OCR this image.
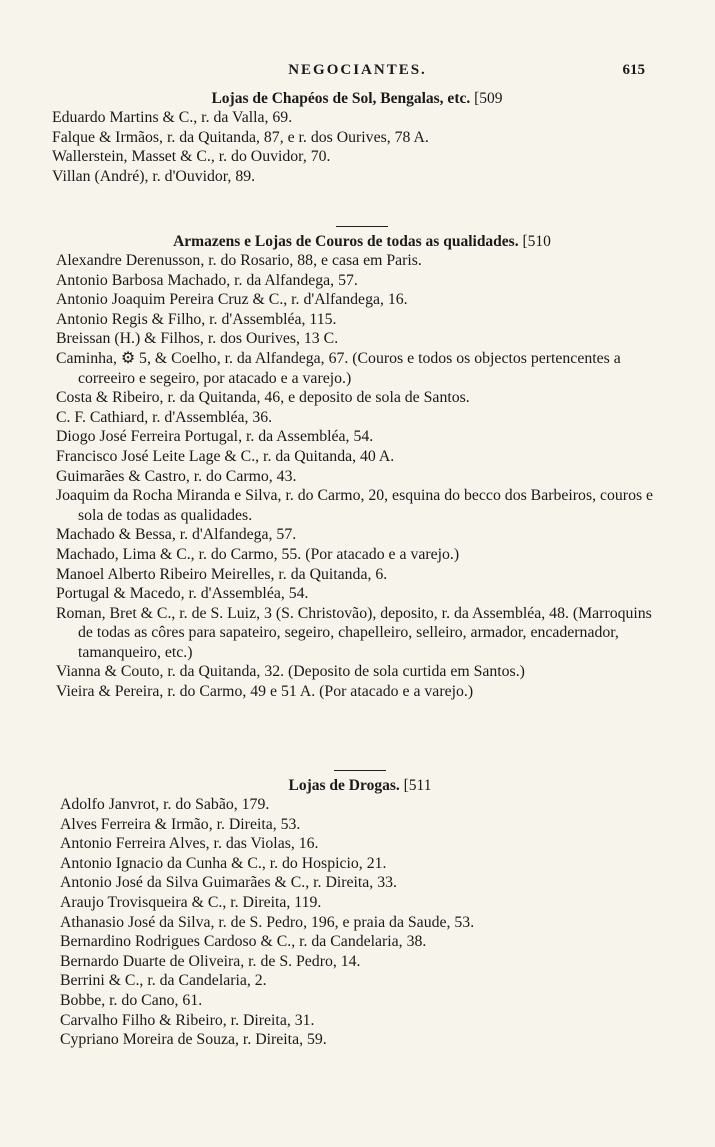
NEGOCIANTES.	615

Lojas de Chapéos de Sol, Bengalas, etc. [509

Eduardo Martins & C., r. da Valla, 69.

Falque & Irmãos, r. da Quitanda, 87, e r. dos Ourives, 78 A.

Wallerstein, Masset & C., r. do Ouvidor, 70.

Villan (André), r. d'Ouvidor, 89.

Armazens e Lojas de Couros de todas as qualidades. [510

Alexandre Derenusson, r. do Rosario, 88, e casa em Paris.

Antonio Barbosa Machado, r. da Alfandega, 57.

Antonio Joaquim Pereira Cruz & C., r. d'Alfandega, 16.

Antonio Regis & Filho, r. d'Assembléa, 115.

Breissan (H.) & Filhos, r. dos Ourives, 13 C.

Caminha, ⚙ 5, & Coelho, r. da Alfandega, 67. (Couros e todos os objectos pertencentes a correeiro e segeiro, por atacado e a varejo.)

Costa & Ribeiro, r. da Quitanda, 46, e deposito de sola de Santos.

C. F. Cathiard, r. d'Assembléa, 36.

Diogo José Ferreira Portugal, r. da Assembléa, 54.

Francisco José Leite Lage & C., r. da Quitanda, 40 A.

Guimarães & Castro, r. do Carmo, 43.

Joaquim da Rocha Miranda e Silva, r. do Carmo, 20, esquina do becco dos Barbeiros, couros e sola de todas as qualidades.

Machado & Bessa, r. d'Alfandega, 57.

Machado, Lima & C., r. do Carmo, 55. (Por atacado e a varejo.)

Manoel Alberto Ribeiro Meirelles, r. da Quitanda, 6.

Portugal & Macedo, r. d'Assembléa, 54.

Roman, Bret & C., r. de S. Luiz, 3 (S. Christovão), deposito, r. da Assembléa, 48. (Marroquins de todas as côres para sapateiro, segeiro, chapelleiro, selleiro, armador, encadernador, tamanqueiro, etc.)

Vianna & Couto, r. da Quitanda, 32. (Deposito de sola curtida em Santos.)

Vieira & Pereira, r. do Carmo, 49 e 51 A. (Por atacado e a varejo.)

Lojas de Drogas. [511

Adolfo Janvrot, r. do Sabão, 179.

Alves Ferreira & Irmão, r. Direita, 53.

Antonio Ferreira Alves, r. das Violas, 16.

Antonio Ignacio da Cunha & C., r. do Hospicio, 21.

Antonio José da Silva Guimarães & C., r. Direita, 33.

Araujo Trovisqueira & C., r. Direita, 119.

Athanasio José da Silva, r. de S. Pedro, 196, e praia da Saude, 53.

Bernardino Rodrigues Cardoso & C., r. da Candelaria, 38.

Bernardo Duarte de Oliveira, r. de S. Pedro, 14.

Berrini & C., r. da Candelaria, 2.

Bobbe, r. do Cano, 61.

Carvalho Filho & Ribeiro, r. Direita, 31.

Cypriano Moreira de Souza, r. Direita, 59.
